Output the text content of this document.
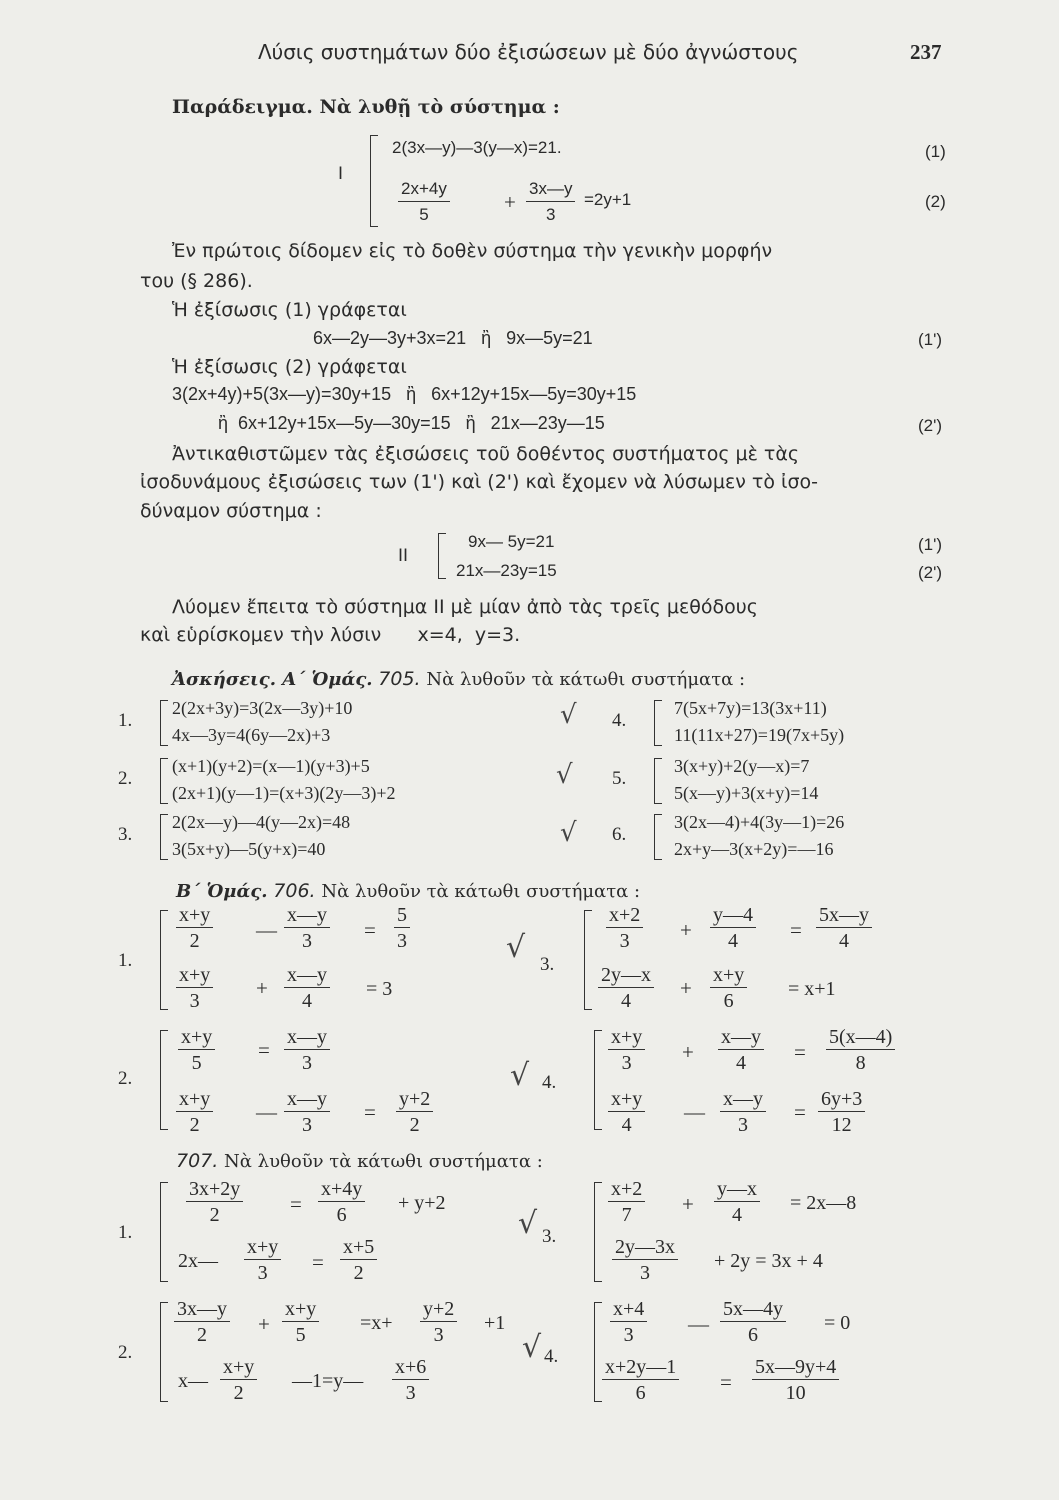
Λύσις συστημάτων δύο ἐξισώσεων μὲ δύο ἀγνώστους	237
Παράδειγμα. Νὰ λυθῇ τὸ σύστημα :
I
2(3x—y)—3(y—x)=21.	(1)
$\frac{2x+4y}{5}$	+ $\frac{3x—y}{3} =2y+1$	(2)
Ἐν πρώτοις δίδομεν εἰς τὸ δοθὲν σύστημα τὴν γενικὴν μορφήν
του (§ 286).
Ἡ ἐξίσωσις (1) γράφεται
6x—2y—3y+3x=21   ἢ   9x—5y=21	(1')
Ἡ ἐξίσωσις (2) γράφεται
3(2x+4y)+5(3x—y)=30y+15   ἢ   6x+12y+15x—5y=30y+15
ἢ  6x+12y+15x—5y—30y=15   ἢ   21x—23y—15	(2')
Ἀντικαθιστῶμεν τὰς ἐξισώσεις τοῦ δοθέντος συστήματος μὲ τὰς
ἰσοδυνάμους ἐξισώσεις των (1') καὶ (2') καὶ ἔχομεν νὰ λύσωμεν τὸ ἰσο-
δύναμον σύστημα :
II
9x— 5y=21	(1')
21x—23y=15	(2')
Λύομεν ἔπειτα τὸ σύστημα II μὲ μίαν ἀπὸ τὰς τρεῖς μεθόδους
καὶ εὑρίσκομεν τὴν λύσιν      x=4,  y=3.
Ἀσκήσεις. Α΄ Ὁμάς. 705. Νὰ λυθοῦν τὰ κάτωθι συστήματα :
1.
2(2x+3y)=3(2x—3y)+10
4x—3y=4(6y—2x)+3
2.
(x+1)(y+2)=(x—1)(y+3)+5
(2x+1)(y—1)=(x+3)(2y—3)+2
3.
2(2x—y)—4(y—2x)=48
3(5x+y)—5(y+x)=40
4.
7(5x+7y)=13(3x+11)
11(11x+27)=19(7x+5y)
5.
3(x+y)+2(y—x)=7
5(x—y)+3(x+y)=14
6.
3(2x—4)+4(3y—1)=26
2x+y—3(x+2y)=—16
√
√
√
Β΄ Ὁμάς. 706. Νὰ λυθοῦν τὰ κάτωθι συστήματα :
1.
$\frac{x+y}{2}$ — $\frac{x—y}{3} = \frac{5}{3}$
$\frac{x+y}{3} + \frac{x—y}{4} = 3$
2.
$\frac{x+y}{5} = \frac{x—y}{3}$
$\frac{x+y}{2}$ — $\frac{x—y}{3} = \frac{y+2}{2}$
√ 3.
$\frac{x+2}{3} + \frac{y—4}{4} = \frac{5x—y}{4}$
$\frac{2y—x}{4} + \frac{x+y}{6} = x+1$
√ 4.
$\frac{x+y}{3} + \frac{x—y}{4} = \frac{5(x—4)}{8}$
$\frac{x+y}{4}$ — $\frac{x—y}{3} = \frac{6y+3}{12}$
707. Νὰ λυθοῦν τὰ κάτωθι συστήματα :
1.
$\frac{3x+2y}{2} = \frac{x+4y}{6} + y+2$
2x— $\frac{x+y}{3} = \frac{x+5}{2}$
2.
$\frac{3x—y}{2} + \frac{x+y}{5} =x+ \frac{y+2}{3} +1$
x— $\frac{x+y}{2}$ —1=y— $\frac{x+6}{3}$
√ 3.
$\frac{x+2}{7} + \frac{y—x}{4}$ = 2x—8
$\frac{2y—3x}{3} + 2y = 3x + 4$
√ 4.
$\frac{x+4}{3}$ — $\frac{5x—4y}{6} = 0$
$\frac{x+2y—1}{6} = \frac{5x—9y+4}{10}$
